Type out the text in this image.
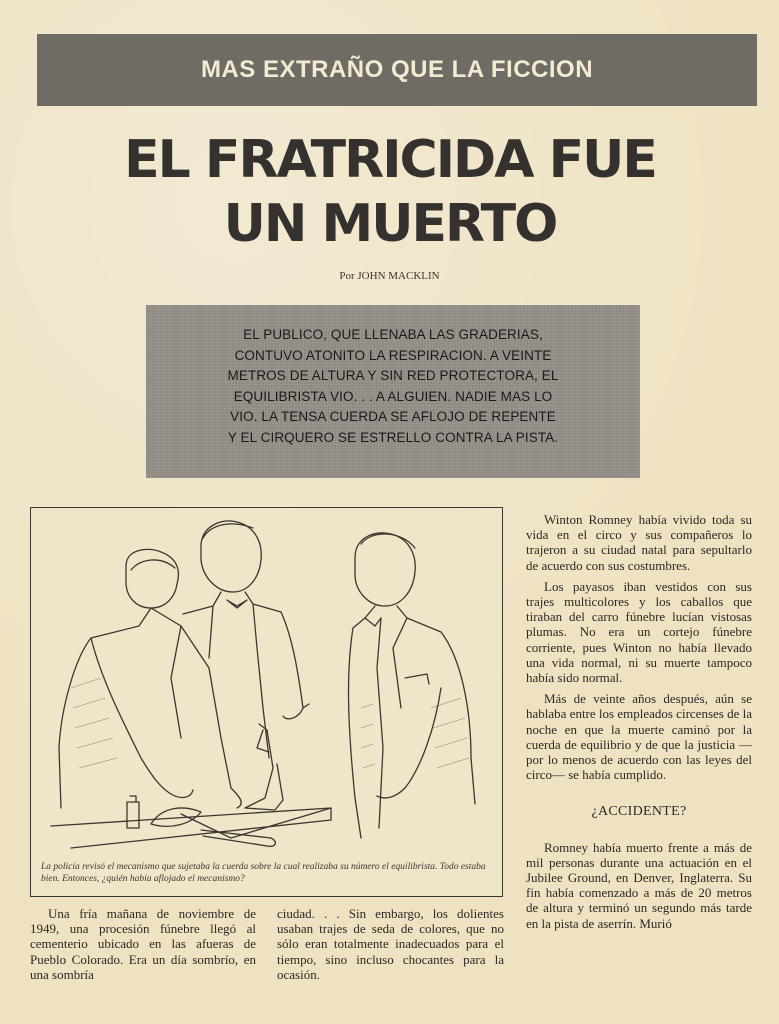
MAS EXTRAÑO QUE LA FICCION
EL FRATRICIDA FUE
UN MUERTO
Por JOHN MACKLIN
EL PUBLICO, QUE LLENABA LAS GRADERIAS,
CONTUVO ATONITO LA RESPIRACION. A VEINTE
METROS DE ALTURA Y SIN RED PROTECTORA, EL
EQUILIBRISTA VIO. . . A ALGUIEN. NADIE MAS LO
VIO. LA TENSA CUERDA SE AFLOJO DE REPENTE
Y EL CIRQUERO SE ESTRELLO CONTRA LA PISTA.
La policía revisó el mecanismo que sujetaba la cuerda sobre la cual realizaba su número el equilibrista. Todo estaba bien. Entonces, ¿quién había aflojado el mecanismo?

Una fría mañana de noviembre de 1949, una procesión fúnebre llegó al cementerio ubicado en las afueras de Pueblo Colorado. Era un día sombrío, en una sombría

ciudad. . . Sin embargo, los dolientes usaban trajes de seda de colores, que no sólo eran totalmente inadecuados para el tiempo, sino incluso chocantes para la ocasión.

Winton Romney había vivido toda su vida en el circo y sus compañeros lo trajeron a su ciudad natal para sepultarlo de acuerdo con sus costumbres.

Los payasos iban vestidos con sus trajes multicolores y los caballos que tiraban del carro fúnebre lucían vistosas plumas. No era un cortejo fúnebre corriente, pues Winton no había llevado una vida normal, ni su muerte tampoco había sido normal.

Más de veinte años después, aún se hablaba entre los empleados circenses de la noche en que la muerte caminó por la cuerda de equilibrio y de que la justicia —por lo menos de acuerdo con las leyes del circo— se había cumplido.

¿ACCIDENTE?

Romney había muerto frente a más de mil personas durante una actuación en el Jubilee Ground, en Denver, Inglaterra. Su fin había comenzado a más de 20 metros de altura y terminó un segundo más tarde en la pista de aserrín. Murió
